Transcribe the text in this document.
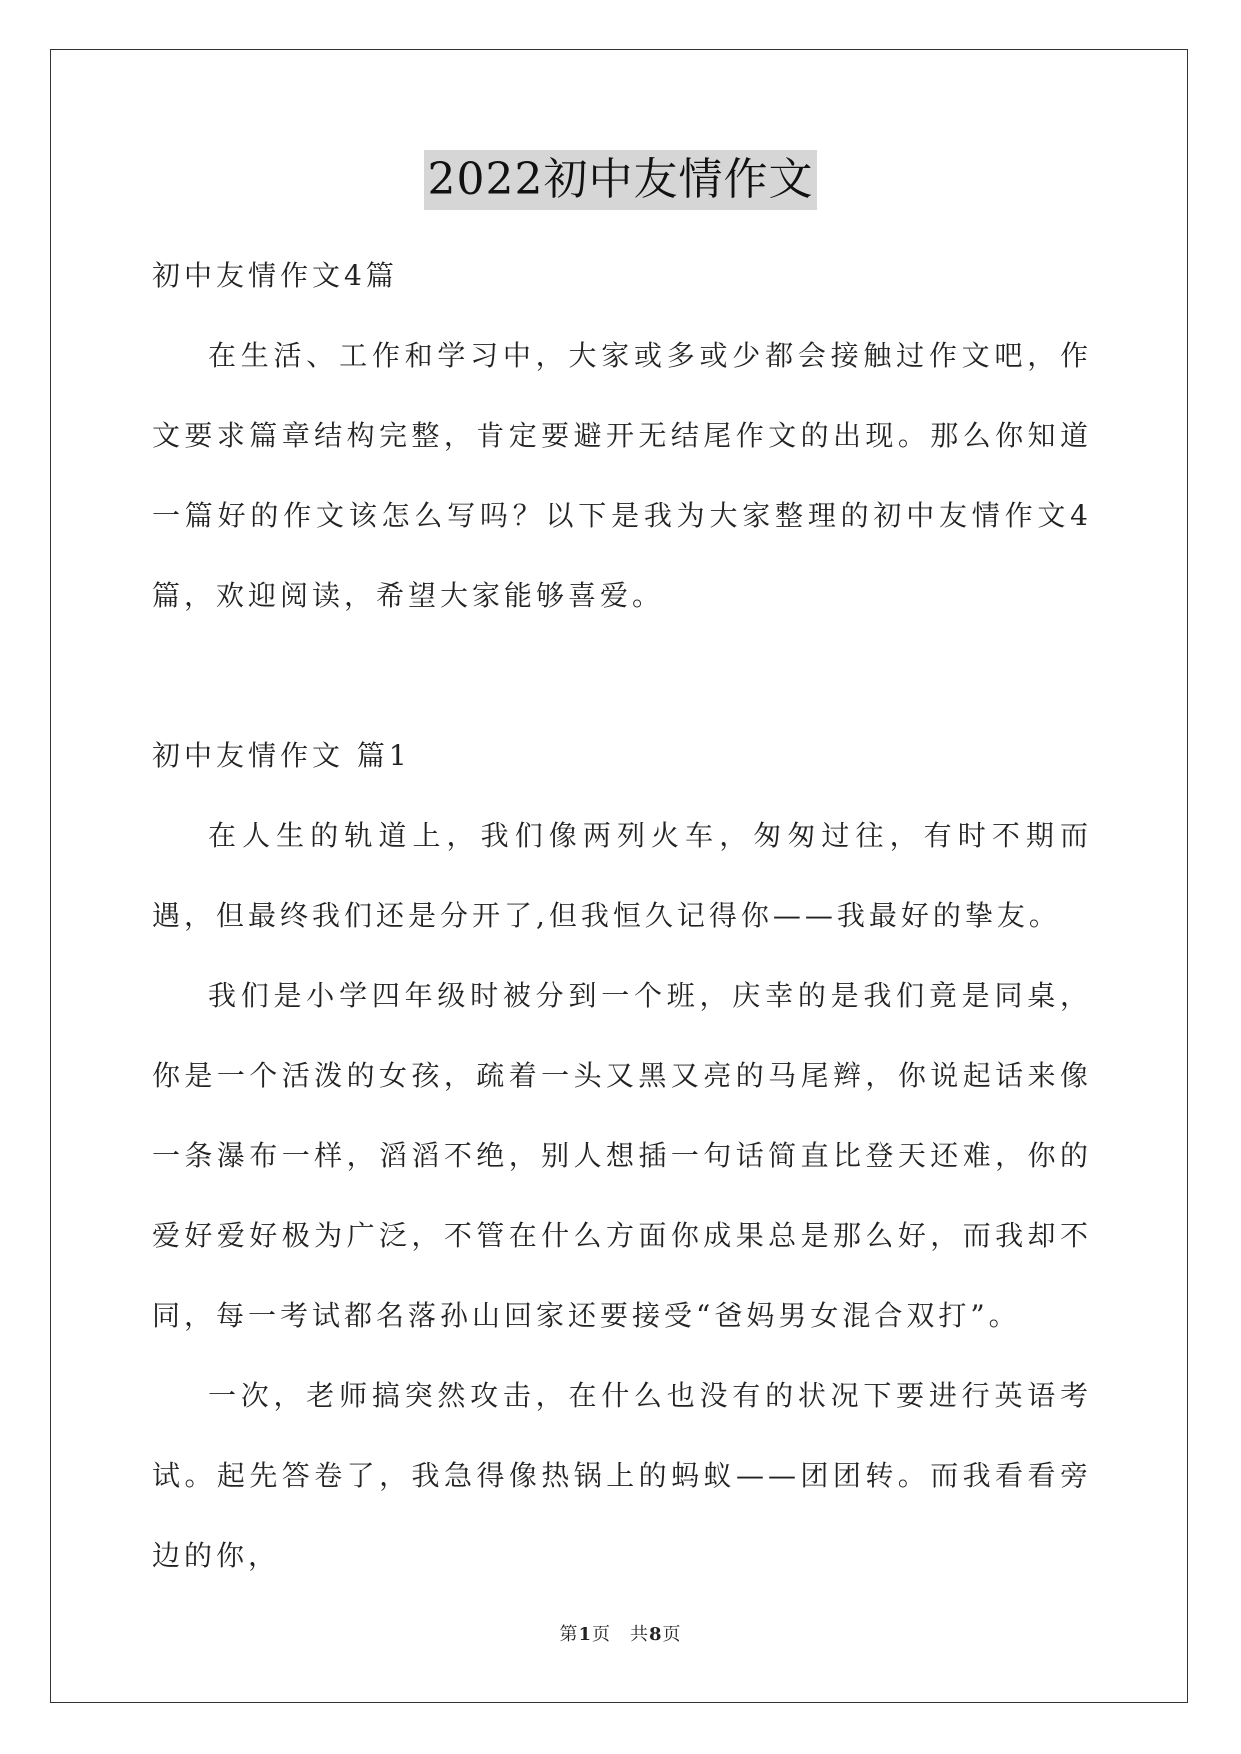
2022初中友情作文

初中友情作文4篇

在生活、工作和学习中，大家或多或少都会接触过作文吧，作文要求篇章结构完整，肯定要避开无结尾作文的出现。那么你知道一篇好的作文该怎么写吗？以下是我为大家整理的初中友情作文4篇，欢迎阅读，希望大家能够喜爱。

初中友情作文 篇1

在人生的轨道上，我们像两列火车，匆匆过往，有时不期而遇，但最终我们还是分开了,但我恒久记得你——我最好的挚友。

我们是小学四年级时被分到一个班，庆幸的是我们竟是同桌，你是一个活泼的女孩，疏着一头又黑又亮的马尾辫，你说起话来像一条瀑布一样，滔滔不绝，别人想插一句话简直比登天还难，你的爱好爱好极为广泛，不管在什么方面你成果总是那么好，而我却不同，每一考试都名落孙山回家还要接受“爸妈男女混合双打”。

一次，老师搞突然攻击，在什么也没有的状况下要进行英语考试。起先答卷了，我急得像热锅上的蚂蚁——团团转。而我看看旁边的你，

第1页　共8页
